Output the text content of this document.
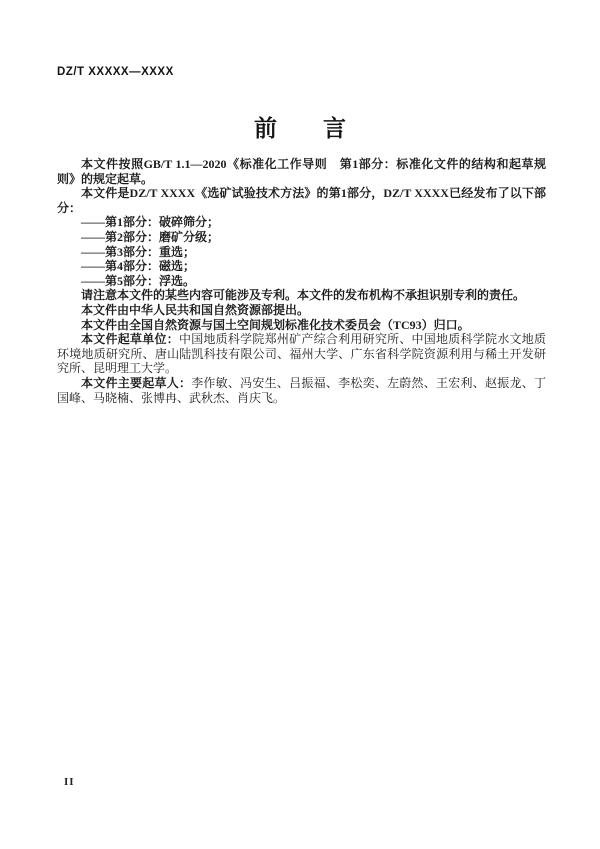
DZ/T XXXXX—XXXX
前　　言

本文件按照GB/T 1.1—2020《标准化工作导则　第1部分：标准化文件的结构和起草规则》的规定起草。

本文件是DZ/T XXXX《选矿试验技术方法》的第1部分，DZ/T XXXX已经发布了以下部分：

——第1部分：破碎筛分；
——第2部分：磨矿分级；
——第3部分：重选；
——第4部分：磁选；
——第5部分：浮选。

请注意本文件的某些内容可能涉及专利。本文件的发布机构不承担识别专利的责任。

本文件由中华人民共和国自然资源部提出。

本文件由全国自然资源与国土空间规划标准化技术委员会（TC93）归口。

本文件起草单位：中国地质科学院郑州矿产综合利用研究所、中国地质科学院水文地质环境地质研究所、唐山陆凯科技有限公司、福州大学、广东省科学院资源利用与稀土开发研究所、昆明理工大学。

本文件主要起草人：李作敏、冯安生、吕振福、李松奕、左蔚然、王宏利、赵振龙、丁国峰、马晓楠、张博冉、武秋杰、肖庆飞。

II
